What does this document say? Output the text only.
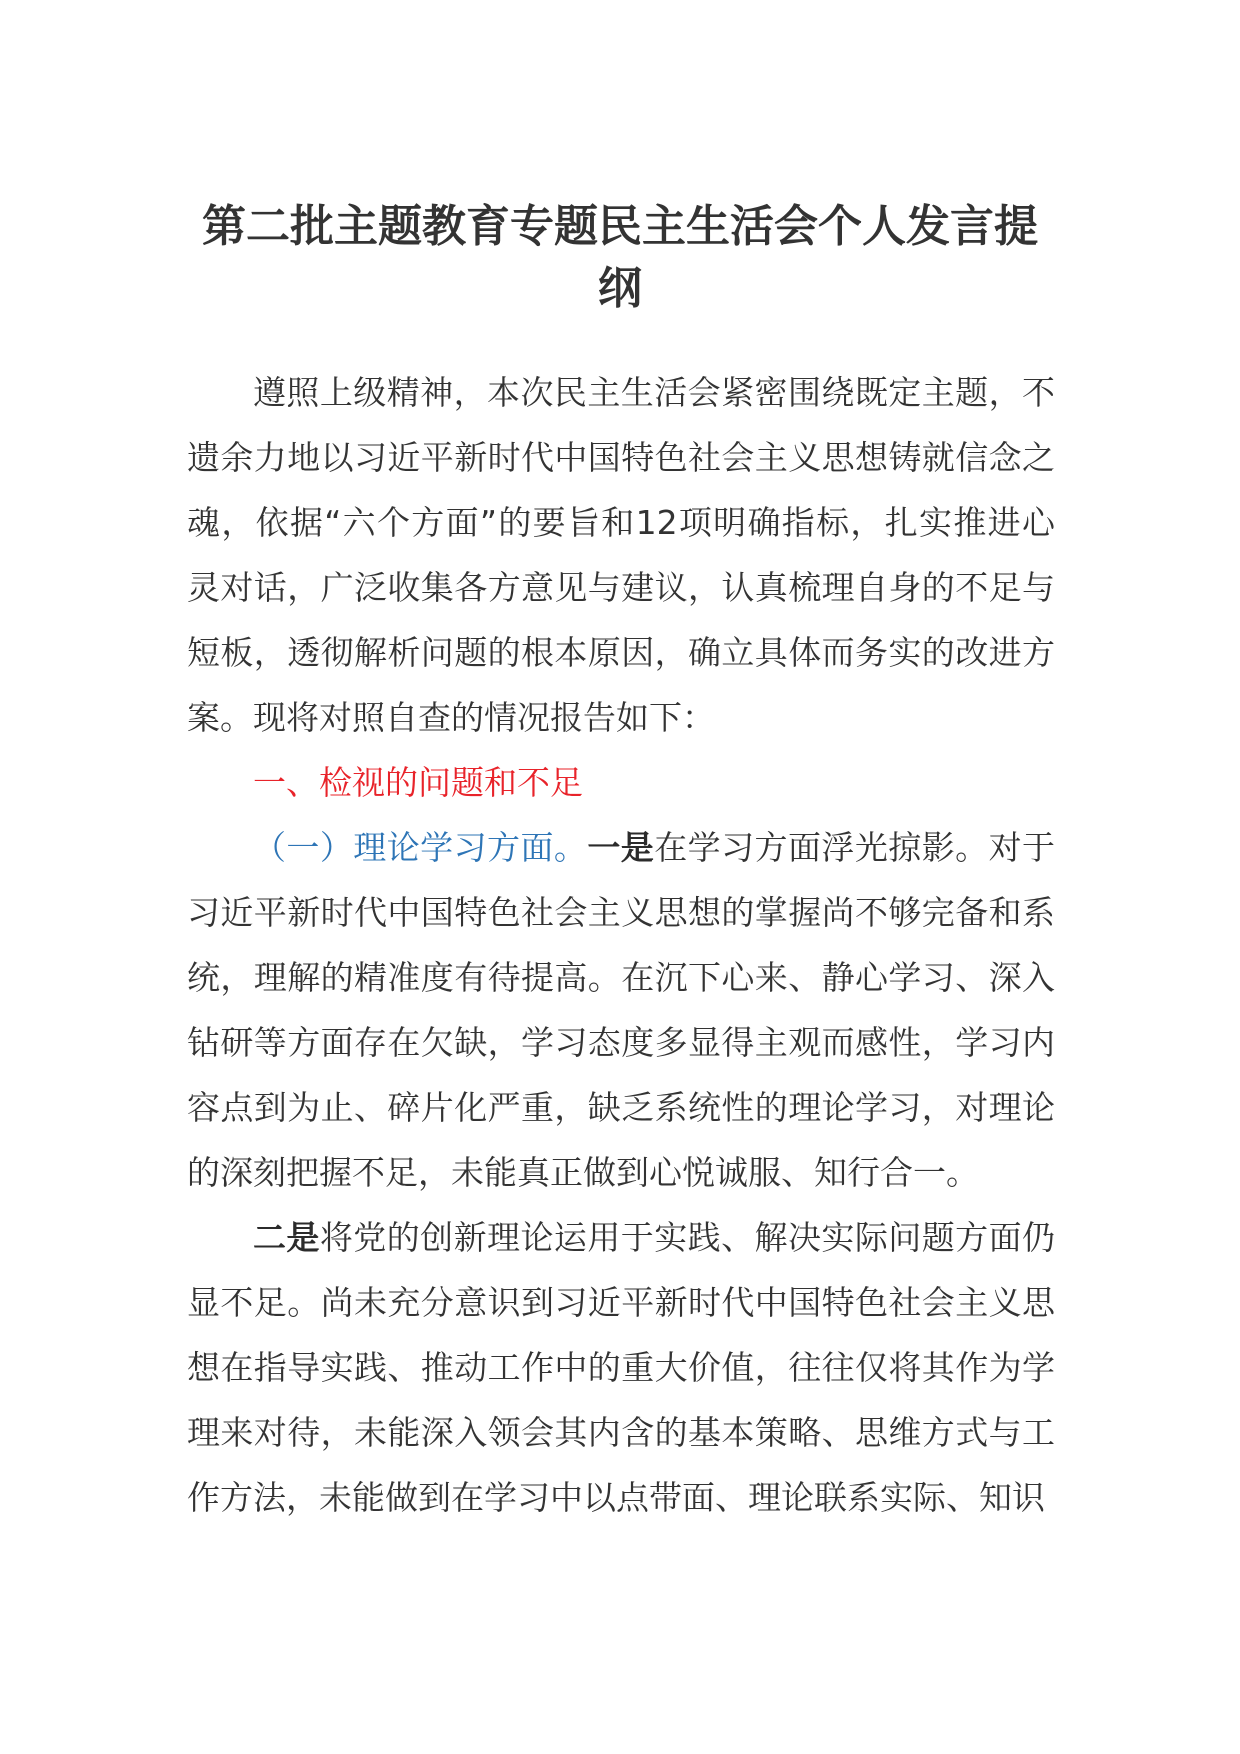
第二批主题教育专题民主生活会个人发言提纲

遵照上级精神，本次民主生活会紧密围绕既定主题，不遗余力地以习近平新时代中国特色社会主义思想铸就信念之魂，依据“六个方面”的要旨和12项明确指标，扎实推进心灵对话，广泛收集各方意见与建议，认真梳理自身的不足与短板，透彻解析问题的根本原因，确立具体而务实的改进方案。现将对照自查的情况报告如下：

一、检视的问题和不足

（一）理论学习方面。一是在学习方面浮光掠影。对于习近平新时代中国特色社会主义思想的掌握尚不够完备和系统，理解的精准度有待提高。在沉下心来、静心学习、深入钻研等方面存在欠缺，学习态度多显得主观而感性，学习内容点到为止、碎片化严重，缺乏系统性的理论学习，对理论的深刻把握不足，未能真正做到心悦诚服、知行合一。

二是将党的创新理论运用于实践、解决实际问题方面仍显不足。尚未充分意识到习近平新时代中国特色社会主义思想在指导实践、推动工作中的重大价值，往往仅将其作为学理来对待，未能深入领会其内含的基本策略、思维方式与工作方法，未能做到在学习中以点带面、理论联系实际、知识
